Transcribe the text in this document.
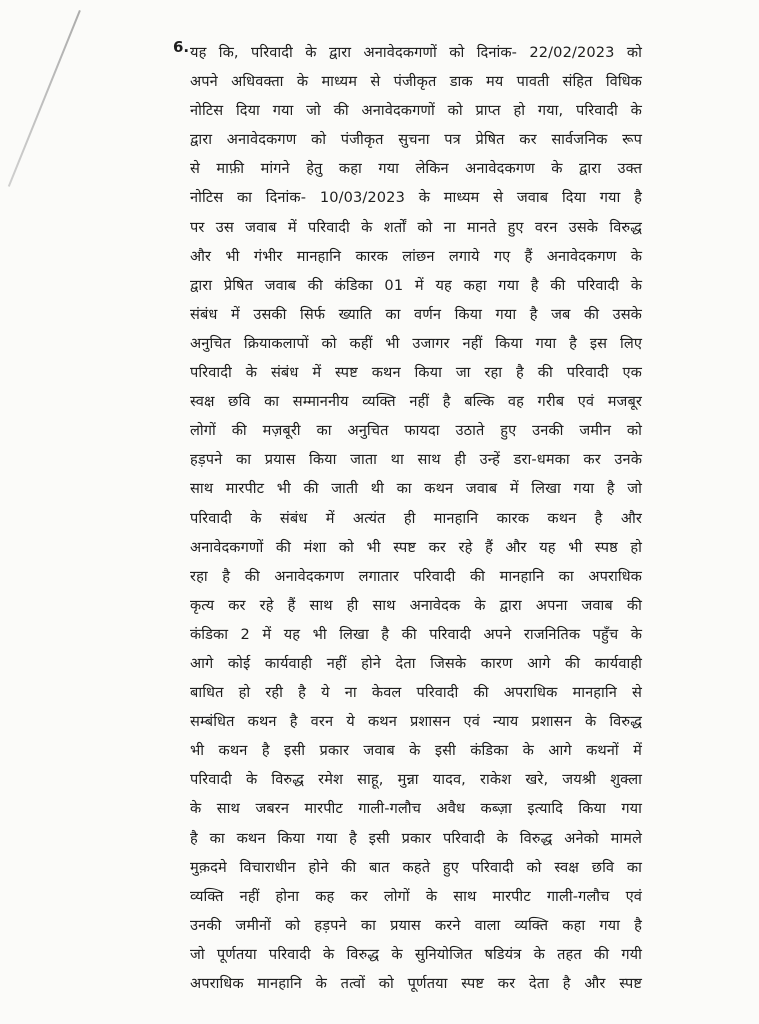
6. यह कि, परिवादी के द्वारा अनावेदकगणों को दिनांक- 22/02/2023 को
अपने अधिवक्ता के माध्यम से पंजीकृत डाक मय पावती संहित विधिक
नोटिस दिया गया जो की अनावेदकगणों को प्राप्त हो गया, परिवादी के
द्वारा अनावेदकगण को पंजीकृत सुचना पत्र प्रेषित कर सार्वजनिक रूप
से माफ़ी मांगने हेतु कहा गया लेकिन अनावेदकगण के द्वारा उक्त
नोटिस का दिनांक- 10/03/2023 के माध्यम से जवाब दिया गया है
पर उस जवाब में परिवादी के शर्तों को ना मानते हुए वरन उसके विरुद्ध
और भी गंभीर मानहानि कारक लांछन लगाये गए हैं अनावेदकगण के
द्वारा प्रेषित जवाब की कंडिका 01 में यह कहा गया है की परिवादी के
संबंध में उसकी सिर्फ ख्याति का वर्णन किया गया है जब की उसके
अनुचित क्रियाकलापों को कहीं भी उजागर नहीं किया गया है इस लिए
परिवादी के संबंध में स्पष्ट कथन किया जा रहा है की परिवादी एक
स्वक्ष छवि का सम्माननीय व्यक्ति नहीं है बल्कि वह गरीब एवं मजबूर
लोगों की मज़बूरी का अनुचित फायदा उठाते हुए उनकी जमीन को
हड़पने का प्रयास किया जाता था साथ ही उन्हें डरा-धमका कर उनके
साथ मारपीट भी की जाती थी का कथन जवाब में लिखा गया है जो
परिवादी के संबंध में अत्यंत ही मानहानि कारक कथन है और
अनावेदकगणों की मंशा को भी स्पष्ट कर रहे हैं और यह भी स्पष्ठ हो
रहा है की अनावेदकगण लगातार परिवादी की मानहानि का अपराधिक
कृत्य कर रहे हैं साथ ही साथ अनावेदक के द्वारा अपना जवाब की
कंडिका 2 में यह भी लिखा है की परिवादी अपने राजनितिक पहुँच के
आगे कोई कार्यवाही नहीं होने देता जिसके कारण आगे की कार्यवाही
बाधित हो रही है ये ना केवल परिवादी की अपराधिक मानहानि से
सम्बंधित कथन है वरन ये कथन प्रशासन एवं न्याय प्रशासन के विरुद्ध
भी कथन है इसी प्रकार जवाब के इसी कंडिका के आगे कथनों में
परिवादी के विरुद्ध रमेश साहू, मुन्ना यादव, राकेश खरे, जयश्री शुक्ला
के साथ जबरन मारपीट गाली-गलौच अवैध कब्ज़ा इत्यादि किया गया
है का कथन किया गया है इसी प्रकार परिवादी के विरुद्ध अनेको मामले
मुक़दमे विचाराधीन होने की बात कहते हुए परिवादी को स्वक्ष छवि का
व्यक्ति नहीं होना कह कर लोगों के साथ मारपीट गाली-गलौच एवं
उनकी जमीनों को हड़पने का प्रयास करने वाला व्यक्ति कहा गया है
जो पूर्णतया परिवादी के विरुद्ध के सुनियोजित षडियंत्र के तहत की गयी
अपराधिक मानहानि के तत्वों को पूर्णतया स्पष्ट कर देता है और स्पष्ट
